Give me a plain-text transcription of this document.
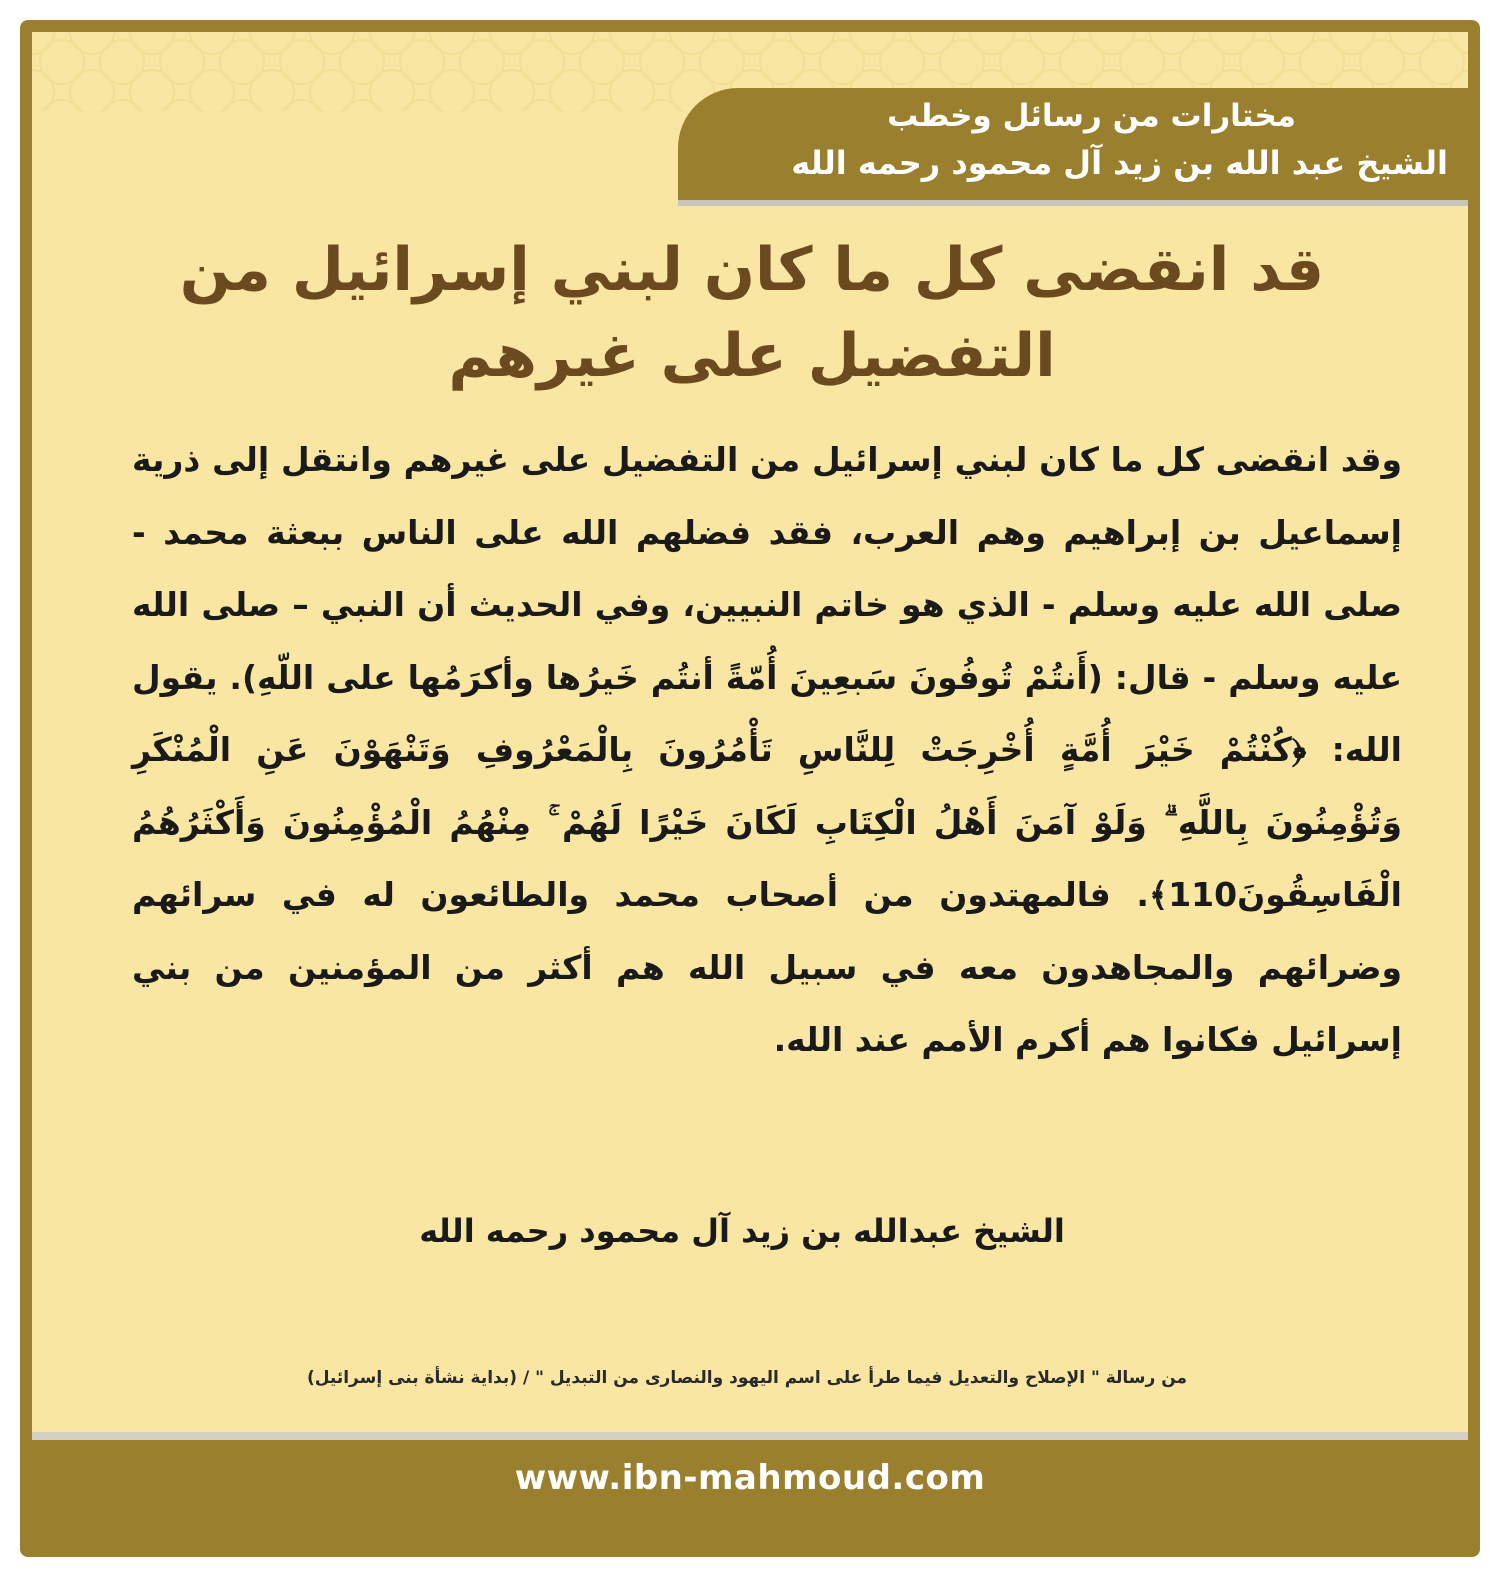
مختارات من رسائل وخطب
الشيخ عبد الله بن زيد آل محمود رحمه الله
قد انقضى كل ما كان لبني إسرائيل من التفضيل على غيرهم
وقد انقضى كل ما كان لبني إسرائيل من التفضيل على غيرهم وانتقل إلى ذرية إسماعيل بن إبراهيم وهم العرب، فقد فضلهم الله على الناس ببعثة محمد - صلى الله عليه وسلم - الذي هو خاتم النبيين، وفي الحديث أن النبي – صلى الله عليه وسلم - قال: (أَنتُمْ تُوفُونَ سَبعِينَ أُمّةً أنتُم خَيرُها وأكرَمُها على اللّهِ). يقول الله: ﴿كُنْتُمْ خَيْرَ أُمَّةٍ أُخْرِجَتْ لِلنَّاسِ تَأْمُرُونَ بِالْمَعْرُوفِ وَتَنْهَوْنَ عَنِ الْمُنْكَرِ وَتُؤْمِنُونَ بِاللَّهِ ۗ وَلَوْ آمَنَ أَهْلُ الْكِتَابِ لَكَانَ خَيْرًا لَهُمْ ۚ مِنْهُمُ الْمُؤْمِنُونَ وَأَكْثَرُهُمُ الْفَاسِقُونَ110﴾. فالمهتدون من أصحاب محمد والطائعون له في سرائهم وضرائهم والمجاهدون معه في سبيل الله هم أكثر من المؤمنين من بني إسرائيل فكانوا هم أكرم الأمم عند الله.
الشيخ عبدالله بن زيد آل محمود رحمه الله
من رسالة " الإصلاح والتعديل فيما طرأ على اسم اليهود والنصارى من التبديل " / (بداية نشأة بنى إسرائيل)
www.ibn-mahmoud.com
